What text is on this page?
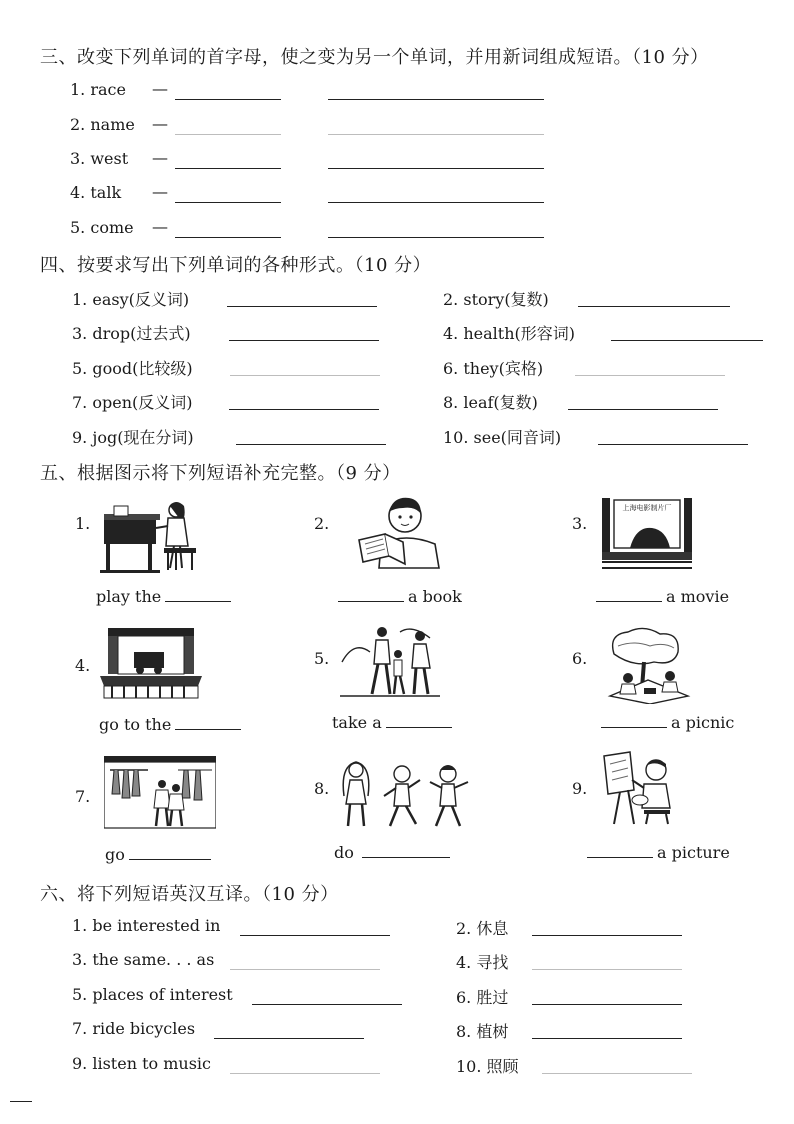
三、改变下列单词的首字母，使之变为另一个单词，并用新词组成短语。（10 分）
1. race —
2. name —
3. west —
4. talk —
5. come —
四、按要求写出下列单词的各种形式。（10 分）
1. easy(反义词)	2. story(复数)
3. drop(过去式)	4. health(形容词)
5. good(比较级)	6. they(宾格)
7. open(反义词)	8. leaf(复数)
9. jog(现在分词)	10. see(同音词)
五、根据图示将下列短语补充完整。（9 分）
1.
play the
2.
a book
3.
上海电影制片厂
a movie
4.
go to the
5.
take a
6.
a picnic
7.
go
8.
do
9.
a picture
六、将下列短语英汉互译。（10 分）
1. be interested in	2. 休息
3. the same. . . as	4. 寻找
5. places of interest	6. 胜过
7. ride bicycles	8. 植树
9. listen to music	10. 照顾
